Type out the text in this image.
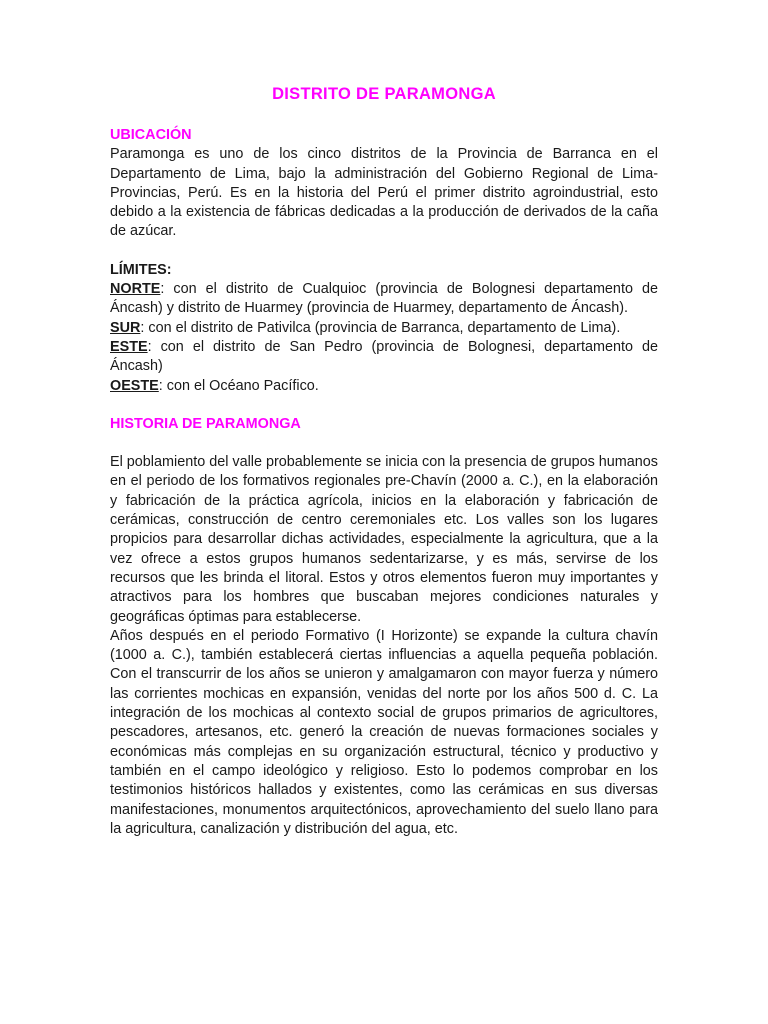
DISTRITO DE PARAMONGA
UBICACIÓN

Paramonga es uno de los cinco distritos de la Provincia de Barranca en el Departamento de Lima, bajo la administración del Gobierno Regional de Lima-Provincias, Perú. Es en la historia del Perú el primer distrito agroindustrial, esto debido a la existencia de fábricas dedicadas a la producción de derivados de la caña de azúcar.

LÍMITES:

NORTE: con el distrito de Cualquioc (provincia de Bolognesi departamento de Áncash) y distrito de Huarmey (provincia de Huarmey, departamento de Áncash).

SUR: con el distrito de Pativilca (provincia de Barranca, departamento de Lima).

ESTE: con el distrito de San Pedro (provincia de Bolognesi, departamento de Áncash)

OESTE: con el Océano Pacífico.

HISTORIA DE PARAMONGA

El poblamiento del valle probablemente se inicia con la presencia de grupos humanos en el periodo de los formativos regionales pre-Chavín (2000 a. C.), en la elaboración y fabricación de la práctica agrícola, inicios en la elaboración y fabricación de cerámicas, construcción de centro ceremoniales etc. Los valles son los lugares propicios para desarrollar dichas actividades, especialmente la agricultura, que a la vez ofrece a estos grupos humanos sedentarizarse, y es más, servirse de los recursos que les brinda el litoral. Estos y otros elementos fueron muy importantes y atractivos para los hombres que buscaban mejores condiciones naturales y geográficas óptimas para establecerse.

Años después en el periodo Formativo (I Horizonte) se expande la cultura chavín (1000 a. C.), también establecerá ciertas influencias a aquella pequeña población. Con el transcurrir de los años se unieron y amalgamaron con mayor fuerza y número las corrientes mochicas en expansión, venidas del norte por los años 500 d. C. La integración de los mochicas al contexto social de grupos primarios de agricultores, pescadores, artesanos, etc. generó la creación de nuevas formaciones sociales y económicas más complejas en su organización estructural, técnico y productivo y también en el campo ideológico y religioso. Esto lo podemos comprobar en los testimonios históricos hallados y existentes, como las cerámicas en sus diversas manifestaciones, monumentos arquitectónicos, aprovechamiento del suelo llano para la agricultura, canalización y distribución del agua, etc.
